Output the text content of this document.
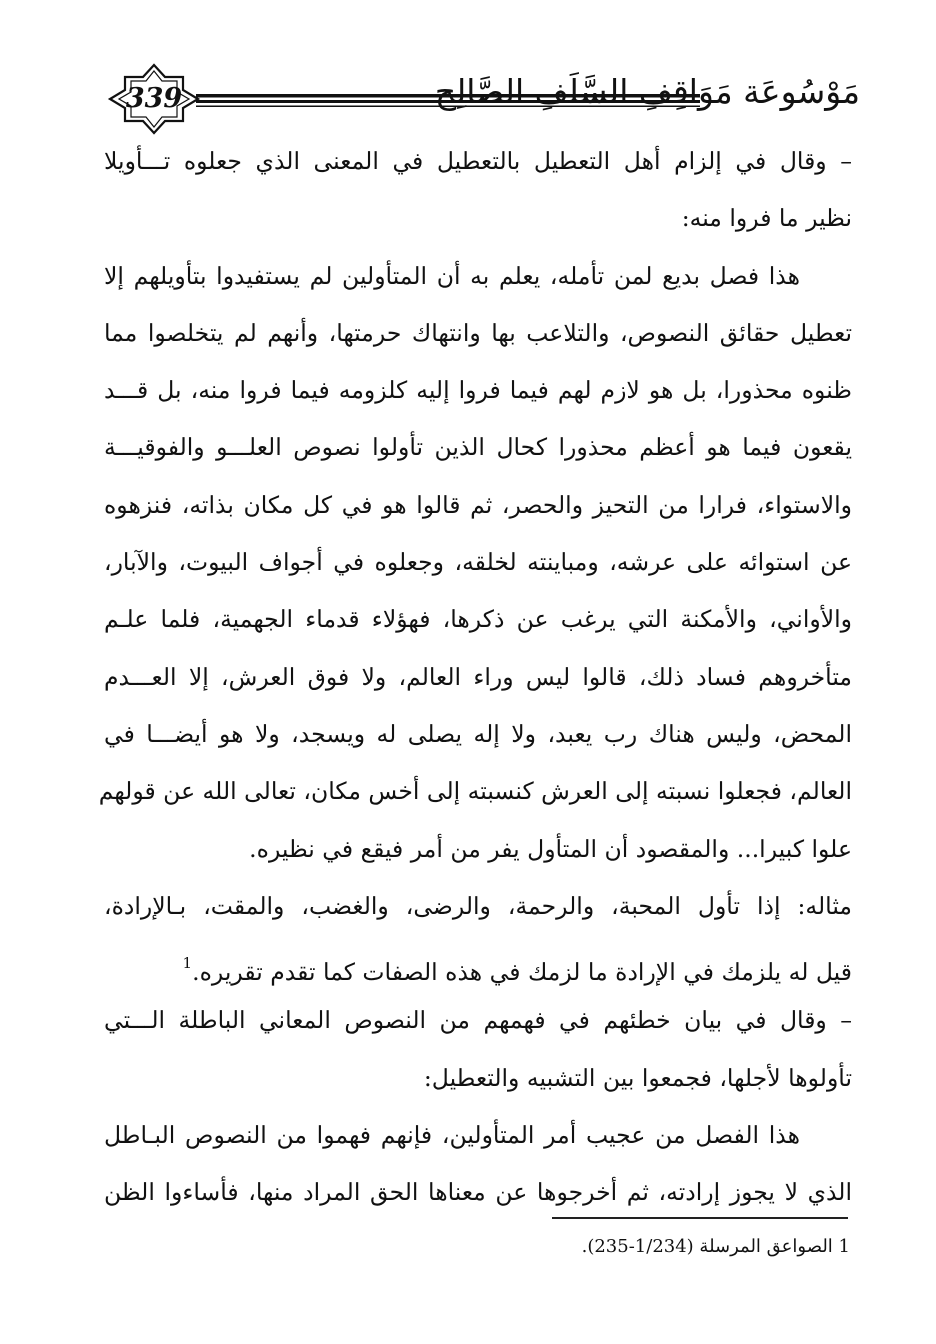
339	مَوْسُوعَة مَوَاقِفِ السَّلَفِ الصَّالِح
– وقال في إلزام أهل التعطيل بالتعطيل في المعنى الذي جعلوه تـــأويلا
نظير ما فروا منه:
هذا فصل بديع لمن تأمله، يعلم به أن المتأولين لم يستفيدوا بتأويلهم إلا
تعطيل حقائق النصوص، والتلاعب بها وانتهاك حرمتها، وأنهم لم يتخلصوا مما
ظنوه محذورا، بل هو لازم لهم فيما فروا إليه كلزومه فيما فروا منه، بل قـــد
يقعون فيما هو أعظم محذورا كحال الذين تأولوا نصوص العلـــو والفوقيـــة
والاستواء، فرارا من التحيز والحصر، ثم قالوا هو في كل مكان بذاته، فنزهوه
عن استوائه على عرشه، ومباينته لخلقه، وجعلوه في أجواف البيوت، والآبار،
والأواني، والأمكنة التي يرغب عن ذكرها، فهؤلاء قدماء الجهمية، فلما علـم
متأخروهم فساد ذلك، قالوا ليس وراء العالم، ولا فوق العرش، إلا العـــدم
المحض، وليس هناك رب يعبد، ولا إله يصلى له ويسجد، ولا هو أيضـــا في
العالم، فجعلوا نسبته إلى العرش كنسبته إلى أخس مكان، تعالى الله عن قولهم
علوا كبيرا... والمقصود أن المتأول يفر من أمر فيقع في نظيره.
مثاله: إذا تأول المحبة، والرحمة، والرضى، والغضب، والمقت، بـالإرادة،
قيل له يلزمك في الإرادة ما لزمك في هذه الصفات كما تقدم تقريره.$^1$
– وقال في بيان خطئهم في فهمهم من النصوص المعاني الباطلة الـــتي
تأولوها لأجلها، فجمعوا بين التشبيه والتعطيل:
هذا الفصل من عجيب أمر المتأولين، فإنهم فهموا من النصوص البـاطل
الذي لا يجوز إرادته، ثم أخرجوها عن معناها الحق المراد منها، فأساءوا الظن
1 الصواعق المرسلة (1/234-235).
